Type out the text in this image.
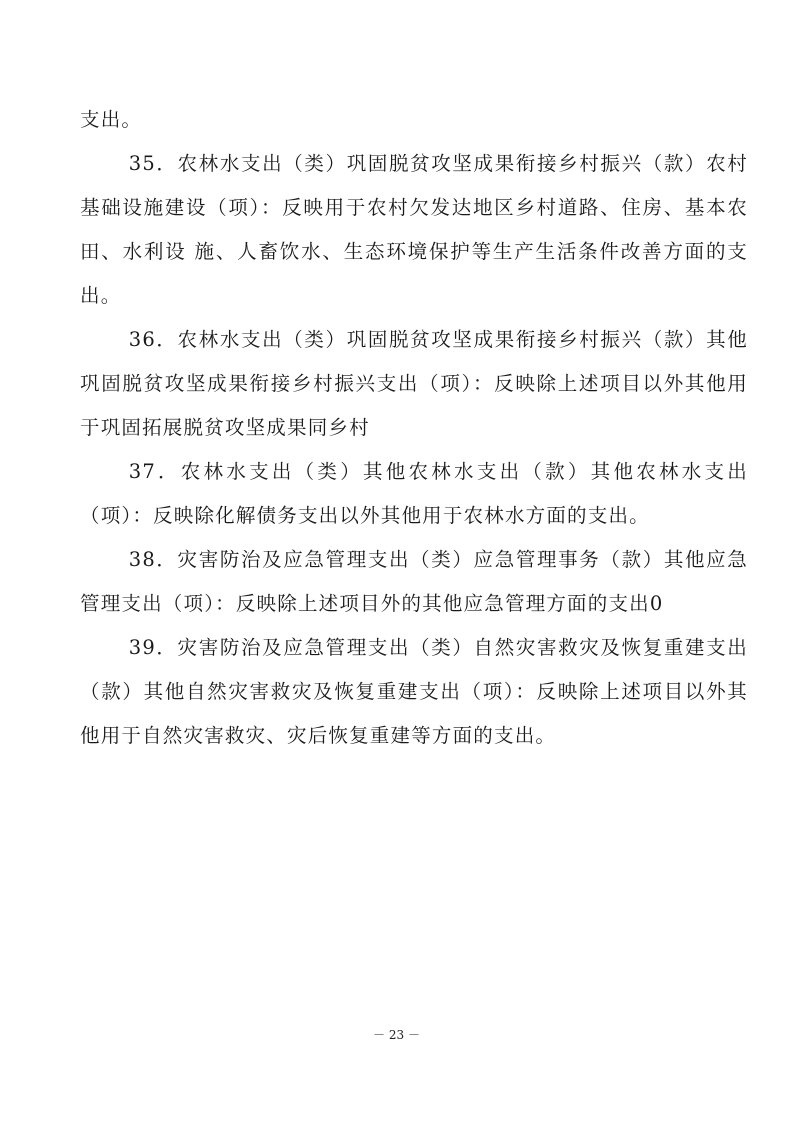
支出。

35．农林水支出（类）巩固脱贫攻坚成果衔接乡村振兴（款）农村基础设施建设（项）：反映用于农村欠发达地区乡村道路、住房、基本农田、水利设 施、人畜饮水、生态环境保护等生产生活条件改善方面的支出。

36．农林水支出（类）巩固脱贫攻坚成果衔接乡村振兴（款）其他巩固脱贫攻坚成果衔接乡村振兴支出（项）：反映除上述项目以外其他用于巩固拓展脱贫攻坚成果同乡村

37．农林水支出（类）其他农林水支出（款）其他农林水支出（项）：反映除化解债务支出以外其他用于农林水方面的支出。

38．灾害防治及应急管理支出（类）应急管理事务（款）其他应急管理支出（项）：反映除上述项目外的其他应急管理方面的支出0

39．灾害防治及应急管理支出（类）自然灾害救灾及恢复重建支出（款）其他自然灾害救灾及恢复重建支出（项）：反映除上述项目以外其他用于自然灾害救灾、灾后恢复重建等方面的支出。

－ 23 －
